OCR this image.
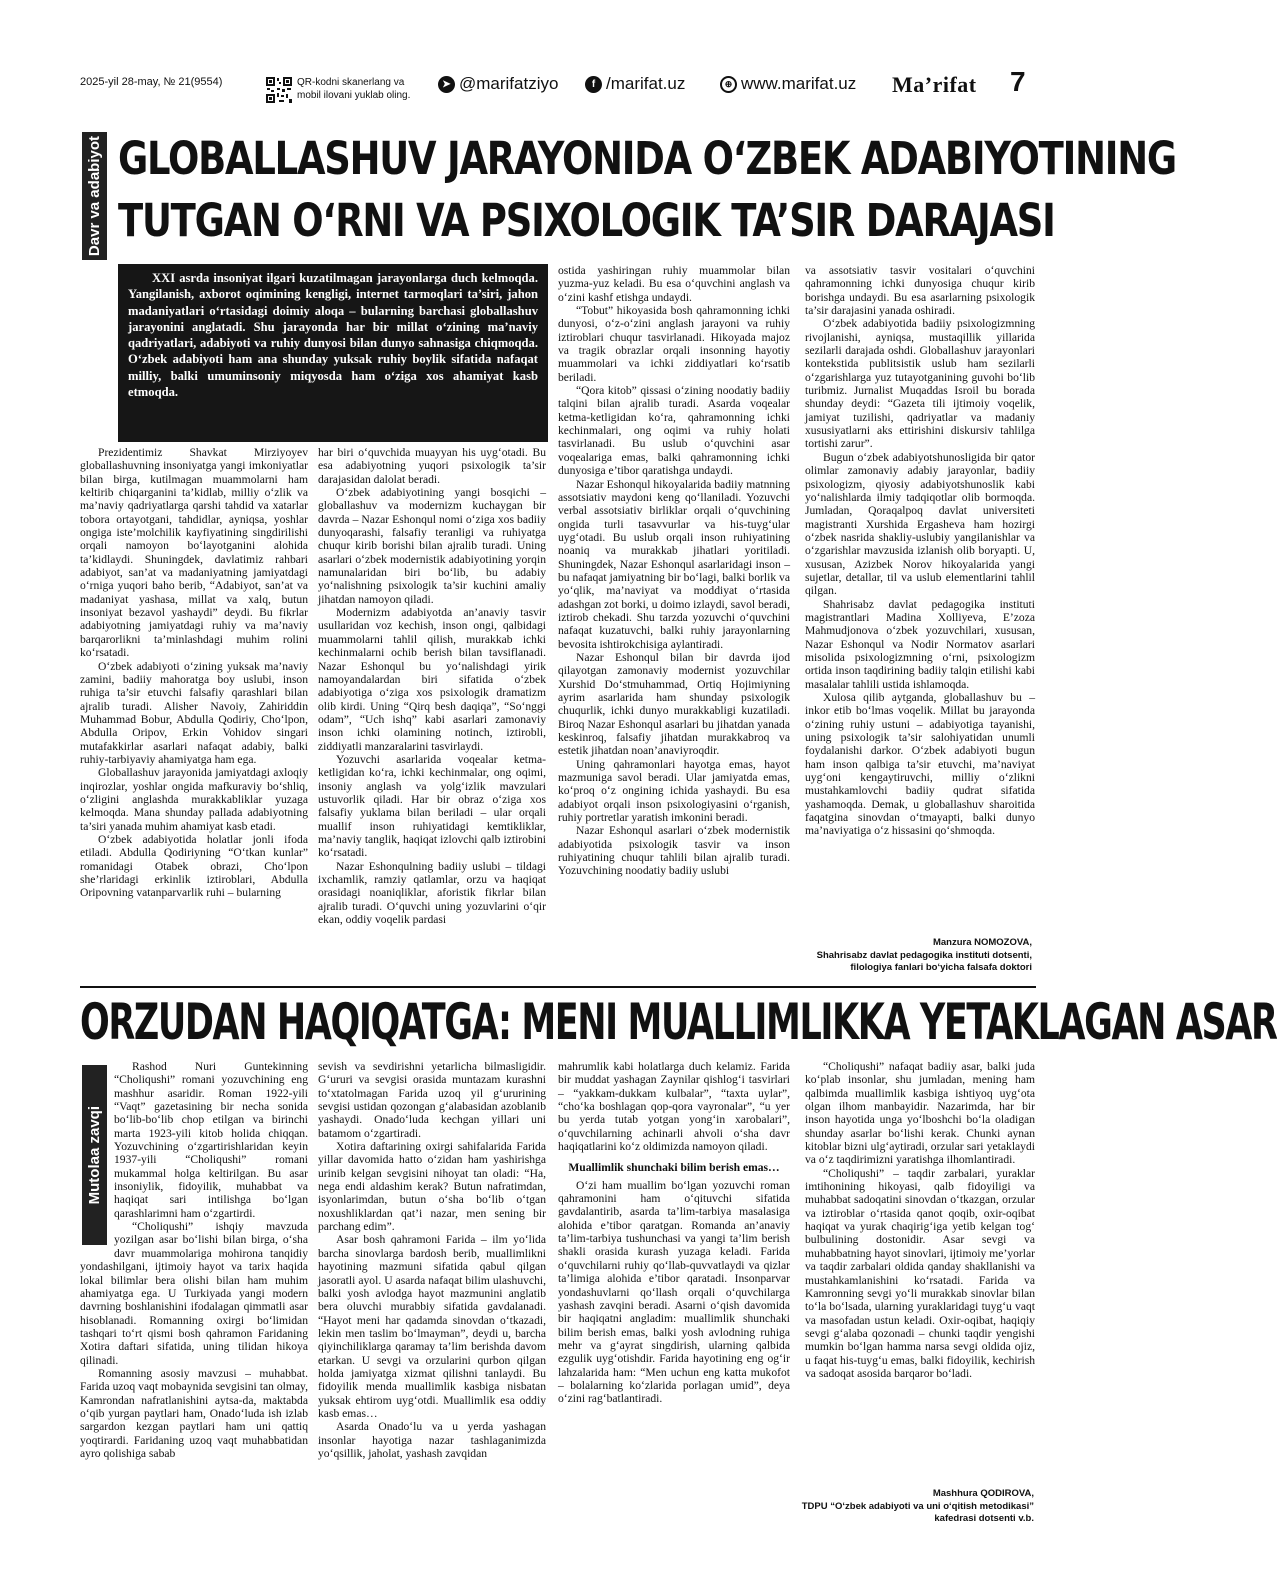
2025-yil 28-may, № 21(9554)	QR-kodni skanerlang va mobil ilovani yuklab oling.
➤ @marifatziyo	f /marifat.uz	⊕ www.marifat.uz Ma’rifat 7
Davr va adabiyot GLOBALLASHUV JARAYONIDA O‘ZBEK ADABIYOTINING
TUTGAN O‘RNI VA PSIXOLOGIK TA’SIR DARAJASI
XXI asrda insoniyat ilgari kuzatilmagan jarayonlarga duch kelmoqda. Yangilanish, axborot oqimining kengligi, internet tarmoqlari ta’siri, jahon madaniyatlari o‘rtasidagi doimiy aloqa – bularning barchasi globallashuv jarayonini anglatadi. Shu jarayonda har bir millat o‘zining ma’naviy qadriyatlari, adabiyoti va ruhiy dunyosi bilan dunyo sahnasiga chiqmoqda. O‘zbek adabiyoti ham ana shunday yuksak ruhiy boylik sifatida nafaqat milliy, balki umuminsoniy miqyosda ham o‘ziga xos ahamiyat kasb etmoqda.

Prezidentimiz Shavkat Mirziyoyev globallashuvning insoniyatga yangi imkoniyatlar bilan birga, kutilmagan muammolarni ham keltirib chiqarganini ta’kidlab, milliy o‘zlik va ma’naviy qadriyatlarga qarshi tahdid va xatarlar tobora ortayotgani, tahdidlar, ayniqsa, yoshlar ongiga iste’molchilik kayfiyatining singdirilishi orqali namoyon bo‘layotganini alohida ta’kidlaydi. Shuningdek, davlatimiz rahbari adabiyot, san’at va madaniyatning jamiyatdagi o‘rniga yuqori baho berib, “Adabiyot, san’at va madaniyat yashasa, millat va xalq, butun insoniyat bezavol yashaydi” deydi. Bu fikrlar adabiyotning jamiyatdagi ruhiy va ma’naviy barqarorlikni ta’minlashdagi muhim rolini ko‘rsatadi.

O‘zbek adabiyoti o‘zining yuksak ma’naviy zamini, badiiy mahoratga boy uslubi, inson ruhiga ta’sir etuvchi falsafiy qarashlari bilan ajralib turadi. Alisher Navoiy, Zahiriddin Muhammad Bobur, Abdulla Qodiriy, Cho‘lpon, Abdulla Oripov, Erkin Vohidov singari mutafakkirlar asarlari nafaqat adabiy, balki ruhiy-tarbiyaviy ahamiyatga ham ega.

Globallashuv jarayonida jamiyatdagi axloqiy inqirozlar, yoshlar ongida mafkuraviy bo‘shliq, o‘zligini anglashda murakkabliklar yuzaga kelmoqda. Mana shunday pallada adabiyotning ta’siri yanada muhim ahamiyat kasb etadi.

O‘zbek adabiyotida holatlar jonli ifoda etiladi. Abdulla Qodiriyning “O‘tkan kunlar” romanidagi Otabek obrazi, Cho‘lpon she’rlaridagi erkinlik iztiroblari, Abdulla Oripovning vatanparvarlik ruhi – bularning

har biri o‘quvchida muayyan his uyg‘otadi. Bu esa adabiyotning yuqori psixologik ta’sir darajasidan dalolat beradi.

O‘zbek adabiyotining yangi bosqichi – globallashuv va modernizm kuchaygan bir davrda – Nazar Eshonqul nomi o‘ziga xos badiiy dunyoqarashi, falsafiy teranligi va ruhiyatga chuqur kirib borishi bilan ajralib turadi. Uning asarlari o‘zbek modernistik adabiyotining yorqin namunalaridan biri bo‘lib, bu adabiy yo‘nalishning psixologik ta’sir kuchini amaliy jihatdan namoyon qiladi.

Modernizm adabiyotda an’anaviy tasvir usullaridan voz kechish, inson ongi, qalbidagi muammolarni tahlil qilish, murakkab ichki kechinmalarni ochib berish bilan tavsiflanadi. Nazar Eshonqul bu yo‘nalishdagi yirik namoyandalardan biri sifatida o‘zbek adabiyotiga o‘ziga xos psixologik dramatizm olib kirdi. Uning “Qirq besh daqiqa”, “So‘nggi odam”, “Uch ishq” kabi asarlari zamonaviy inson ichki olamining notinch, iztirobli, ziddiyatli manzaralarini tasvirlaydi.

Yozuvchi asarlarida voqealar ketma-ketligidan ko‘ra, ichki kechinmalar, ong oqimi, insoniy anglash va yolg‘izlik mavzulari ustuvorlik qiladi. Har bir obraz o‘ziga xos falsafiy yuklama bilan beriladi – ular orqali muallif inson ruhiyatidagi kemtikliklar, ma’naviy tanglik, haqiqat izlovchi qalb iztirobini ko‘rsatadi.

Nazar Eshonqulning badiiy uslubi – tildagi ixchamlik, ramziy qatlamlar, orzu va haqiqat orasidagi noaniqliklar, aforistik fikrlar bilan ajralib turadi. O‘quvchi uning yozuvlarini o‘qir ekan, oddiy voqelik pardasi

ostida yashiringan ruhiy muammolar bilan yuzma-yuz keladi. Bu esa o‘quvchini anglash va o‘zini kashf etishga undaydi.

“Tobut” hikoyasida bosh qahramonning ichki dunyosi, o‘z-o‘zini anglash jarayoni va ruhiy iztiroblari chuqur tasvirlanadi. Hikoyada majoz va tragik obrazlar orqali insonning hayotiy muammolari va ichki ziddiyatlari ko‘rsatib beriladi.

“Qora kitob” qissasi o‘zining noodatiy badiiy talqini bilan ajralib turadi. Asarda voqealar ketma-ketligidan ko‘ra, qahramonning ichki kechinmalari, ong oqimi va ruhiy holati tasvirlanadi. Bu uslub o‘quvchini asar voqealariga emas, balki qahramonning ichki dunyosiga e’tibor qaratishga undaydi.

Nazar Eshonqul hikoyalarida badiiy matnning assotsiativ maydoni keng qo‘llaniladi. Yozuvchi verbal assotsiativ birliklar orqali o‘quvchining ongida turli tasavvurlar va his-tuyg‘ular uyg‘otadi. Bu uslub orqali inson ruhiyatining noaniq va murakkab jihatlari yoritiladi. Shuningdek, Nazar Eshonqul asarlaridagi inson – bu nafaqat jamiyatning bir bo‘lagi, balki borlik va yo‘qlik, ma’naviyat va moddiyat o‘rtasida adashgan zot borki, u doimo izlaydi, savol beradi, iztirob chekadi. Shu tarzda yozuvchi o‘quvchini nafaqat kuzatuvchi, balki ruhiy jarayonlarning bevosita ishtirokchisiga aylantiradi.

Nazar Eshonqul bilan bir davrda ijod qilayotgan zamonaviy modernist yozuvchilar Xurshid Do‘stmuhammad, Ortiq Hojimiyning ayrim asarlarida ham shunday psixologik chuqurlik, ichki dunyo murakkabligi kuzatiladi. Biroq Nazar Eshonqul asarlari bu jihatdan yanada keskinroq, falsafiy jihatdan murakkabroq va estetik jihatdan noan’anaviyroqdir.

Uning qahramonlari hayotga emas, hayot mazmuniga savol beradi. Ular jamiyatda emas, ko‘proq o‘z ongining ichida yashaydi. Bu esa adabiyot orqali inson psixologiyasini o‘rganish, ruhiy portretlar yaratish imkonini beradi.

Nazar Eshonqul asarlari o‘zbek modernistik adabiyotida psixologik tasvir va inson ruhiyatining chuqur tahlili bilan ajralib turadi. Yozuvchining noodatiy badiiy uslubi

va assotsiativ tasvir vositalari o‘quvchini qahramonning ichki dunyosiga chuqur kirib borishga undaydi. Bu esa asarlarning psixologik ta’sir darajasini yanada oshiradi.

O‘zbek adabiyotida badiiy psixologizmning rivojlanishi, ayniqsa, mustaqillik yillarida sezilarli darajada oshdi. Globallashuv jarayonlari kontekstida publitsistik uslub ham sezilarli o‘zgarishlarga yuz tutayotganining guvohi bo‘lib turibmiz. Jurnalist Muqaddas Isroil bu borada shunday deydi: “Gazeta tili ijtimoiy voqelik, jamiyat tuzilishi, qadriyatlar va madaniy xususiyatlarni aks ettirishini diskursiv tahlilga tortishi zarur”.

Bugun o‘zbek adabiyotshunosligida bir qator olimlar zamonaviy adabiy jarayonlar, badiiy psixologizm, qiyosiy adabiyotshunoslik kabi yo‘nalishlarda ilmiy tadqiqotlar olib bormoqda. Jumladan, Qoraqalpoq davlat universiteti magistranti Xurshida Ergasheva ham hozirgi o‘zbek nasrida shakliy-uslubiy yangilanishlar va o‘zgarishlar mavzusida izlanish olib boryapti. U, xususan, Azizbek Norov hikoyalarida yangi sujetlar, detallar, til va uslub elementlarini tahlil qilgan.

Shahrisabz davlat pedagogika instituti magistrantlari Madina Xolliyeva, E’zoza Mahmudjonova o‘zbek yozuvchilari, xususan, Nazar Eshonqul va Nodir Normatov asarlari misolida psixologizmning o‘rni, psixologizm ortida inson taqdirining badiiy talqin etilishi kabi masalalar tahlili ustida ishlamoqda.

Xulosa qilib aytganda, globallashuv bu – inkor etib bo‘lmas voqelik. Millat bu jarayonda o‘zining ruhiy ustuni – adabiyotiga tayanishi, uning psixologik ta’sir salohiyatidan unumli foydalanishi darkor. O‘zbek adabiyoti bugun ham inson qalbiga ta’sir etuvchi, ma’naviyat uyg‘oni kengaytiruvchi, milliy o‘zlikni mustahkamlovchi badiiy qudrat sifatida yashamoqda. Demak, u globallashuv sharoitida faqatgina sinovdan o‘tmayapti, balki dunyo ma’naviyatiga o‘z hissasini qo‘shmoqda.

Manzura NOMOZOVA,
Shahrisabz davlat pedagogika instituti dotsenti,
filologiya fanlari bo‘yicha falsafa doktori
ORZUDAN HAQIQATGA: MENI MUALLIMLIKKA YETAKLAGAN ASAR
Mutolaa zavqi

Rashod Nuri Guntekinning “Choliqushi” romani yozuvchining eng mashhur asaridir. Roman 1922-yili “Vaqt” gazetasining bir necha sonida bo‘lib-bo‘lib chop etilgan va birinchi marta 1923-yili kitob holida chiqqan. Yozuvchining o‘zgartirishlaridan keyin 1937-yili “Choliqushi” romani mukammal holga keltirilgan. Bu asar insoniylik, fidoyilik, muhabbat va haqiqat sari intilishga bo‘lgan qarashlarimni ham o‘zgartirdi.

“Choliqushi” ishqiy mavzuda yozilgan asar bo‘lishi bilan birga, o‘sha davr muammolariga mohirona tanqidiy yondashilgani, ijtimoiy hayot va tarix haqida lokal bilimlar bera olishi bilan ham muhim ahamiyatga ega. U Turkiyada yangi modern davrning boshlanishini ifodalagan qimmatli asar hisoblanadi. Romanning oxirgi bo‘limidan tashqari to‘rt qismi bosh qahramon Faridaning Xotira daftari sifatida, uning tilidan hikoya qilinadi.

Romanning asosiy mavzusi – muhabbat. Farida uzoq vaqt mobaynida sevgisini tan olmay, Kamrondan nafratlanishini aytsa-da, maktabda o‘qib yurgan paytlari ham, Onado‘luda ish izlab sargardon kezgan paytlari ham uni qattiq yoqtirardi. Faridaning uzoq vaqt muhabbatidan ayro qolishiga sabab

sevish va sevdirishni yetarlicha bilmasligidir. G‘ururi va sevgisi orasida muntazam kurashni to‘xtatolmagan Farida uzoq yil g‘ururining sevgisi ustidan qozongan g‘alabasidan azoblanib yashaydi. Onado‘luda kechgan yillari uni batamom o‘zgartiradi.

Xotira daftarining oxirgi sahifalarida Farida yillar davomida hatto o‘zidan ham yashirishga urinib kelgan sevgisini nihoyat tan oladi: “Ha, nega endi aldashim kerak? Butun nafratimdan, isyonlarimdan, butun o‘sha bo‘lib o‘tgan noxushliklardan qat’i nazar, men sening bir parchang edim”.

Asar bosh qahramoni Farida – ilm yo‘lida barcha sinovlarga bardosh berib, muallimlikni hayotining mazmuni sifatida qabul qilgan jasoratli ayol. U asarda nafaqat bilim ulashuvchi, balki yosh avlodga hayot mazmunini anglatib bera oluvchi murabbiy sifatida gavdalanadi. “Hayot meni har qadamda sinovdan o‘tkazadi, lekin men taslim bo‘lmayman”, deydi u, barcha qiyinchiliklarga qaramay ta’lim berishda davom etarkan. U sevgi va orzularini qurbon qilgan holda jamiyatga xizmat qilishni tanlaydi. Bu fidoyilik menda muallimlik kasbiga nisbatan yuksak ehtirom uyg‘otdi. Muallimlik esa oddiy kasb emas…

Asarda Onado‘lu va u yerda yashagan insonlar hayotiga nazar tashlaganimizda yo‘qsillik, jaholat, yashash zavqidan

mahrumlik kabi holatlarga duch kelamiz. Farida bir muddat yashagan Zaynilar qishlog‘i tasvirlari – “yakkam-dukkam kulbalar”, “taxta uylar”, “cho‘ka boshlagan qop-qora vayronalar”, “u yer bu yerda tutab yotgan yong‘in xarobalari”, o‘quvchilarning achinarli ahvoli o‘sha davr haqiqatlarini ko‘z oldimizda namoyon qiladi.

Muallimlik shunchaki bilim berish emas…

O‘zi ham muallim bo‘lgan yozuvchi roman qahramonini ham o‘qituvchi sifatida gavdalantirib, asarda ta’lim-tarbiya masalasiga alohida e’tibor qaratgan. Romanda an’anaviy ta’lim-tarbiya tushunchasi va yangi ta’lim berish shakli orasida kurash yuzaga keladi. Farida o‘quvchilarni ruhiy qo‘llab-quvvatlaydi va qizlar ta’limiga alohida e’tibor qaratadi. Insonparvar yondashuvlarni qo‘llash orqali o‘quvchilarga yashash zavqini beradi. Asarni o‘qish davomida bir haqiqatni angladim: muallimlik shunchaki bilim berish emas, balki yosh avlodning ruhiga mehr va g‘ayrat singdirish, ularning qalbida ezgulik uyg‘otishdir. Farida hayotining eng og‘ir lahzalarida ham: “Men uchun eng katta mukofot – bolalarning ko‘zlarida porlagan umid”, deya o‘zini rag‘batlantiradi.

“Choliqushi” nafaqat badiiy asar, balki juda ko‘plab insonlar, shu jumladan, mening ham qalbimda muallimlik kasbiga ishtiyoq uyg‘ota olgan ilhom manbayidir. Nazarimda, har bir inson hayotida unga yo‘lboshchi bo‘la oladigan shunday asarlar bo‘lishi kerak. Chunki aynan kitoblar bizni ulg‘aytiradi, orzular sari yetaklaydi va o‘z taqdirimizni yaratishga ilhomlantiradi.

“Choliqushi” – taqdir zarbalari, yuraklar imtihonining hikoyasi, qalb fidoyiligi va muhabbat sadoqatini sinovdan o‘tkazgan, orzular va iztiroblar o‘rtasida qanot qoqib, oxir-oqibat haqiqat va yurak chaqirig‘iga yetib kelgan tog‘ bulbulining dostonidir. Asar sevgi va muhabbatning hayot sinovlari, ijtimoiy me’yorlar va taqdir zarbalari oldida qanday shakllanishi va mustahkamlanishini ko‘rsatadi. Farida va Kamronning sevgi yo‘li murakkab sinovlar bilan to‘la bo‘lsada, ularning yuraklaridagi tuyg‘u vaqt va masofadan ustun keladi. Oxir-oqibat, haqiqiy sevgi g‘alaba qozonadi – chunki taqdir yengishi mumkin bo‘lgan hamma narsa sevgi oldida ojiz, u faqat his-tuyg‘u emas, balki fidoyilik, kechirish va sadoqat asosida barqaror bo‘ladi.

Mashhura QODIROVA,
TDPU “O‘zbek adabiyoti va uni o‘qitish metodikasi”
kafedrasi dotsenti v.b.
